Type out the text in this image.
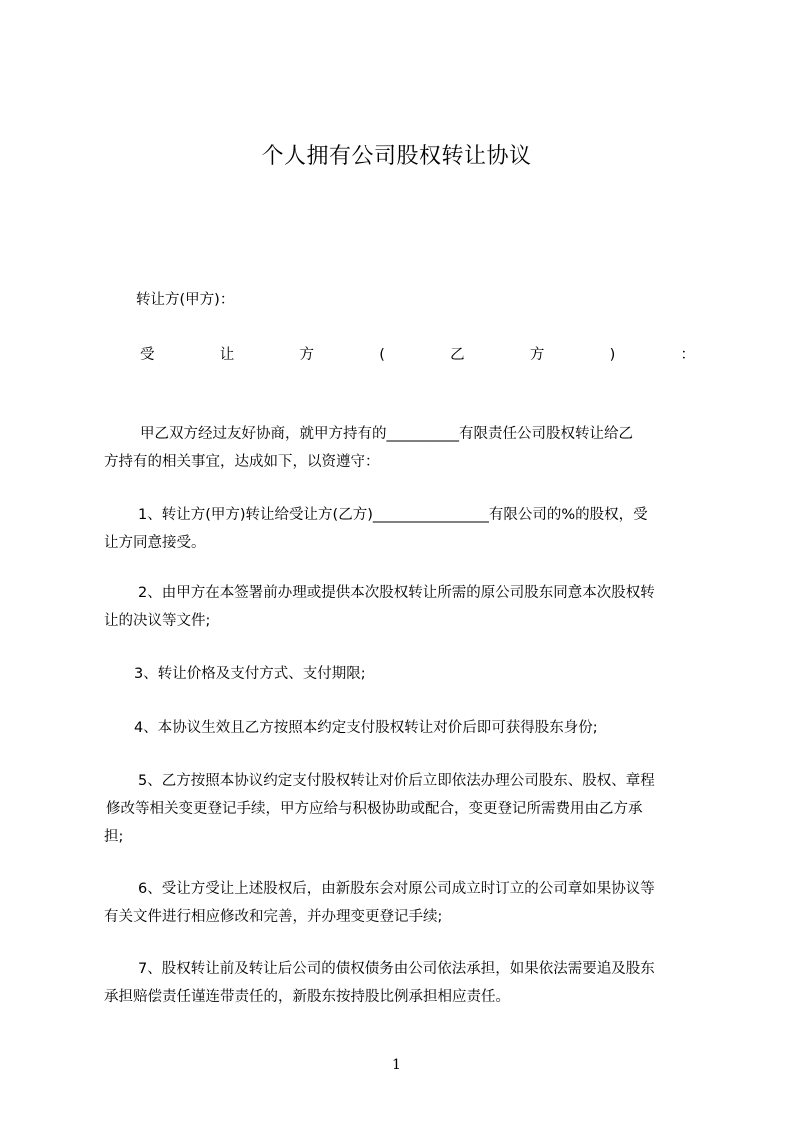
个人拥有公司股权转让协议
转让方(甲方)：
受	让	方	(	乙	方	)	：
甲乙双方经过友好协商，就甲方持有的__________有限责任公司股权转让给乙
方持有的相关事宜，达成如下，以资遵守：
1、转让方(甲方)转让给受让方(乙方)________________有限公司的%的股权，受
让方同意接受。
2、由甲方在本签署前办理或提供本次股权转让所需的原公司股东同意本次股权转
让的决议等文件;
3、转让价格及支付方式、支付期限;
4、本协议生效且乙方按照本约定支付股权转让对价后即可获得股东身份;
5、乙方按照本协议约定支付股权转让对价后立即依法办理公司股东、股权、章程
修改等相关变更登记手续，甲方应给与积极协助或配合，变更登记所需费用由乙方承
担;
6、受让方受让上述股权后，由新股东会对原公司成立时订立的公司章如果协议等
有关文件进行相应修改和完善，并办理变更登记手续;
7、股权转让前及转让后公司的债权债务由公司依法承担，如果依法需要追及股东
承担赔偿责任谨连带责任的，新股东按持股比例承担相应责任。
1
